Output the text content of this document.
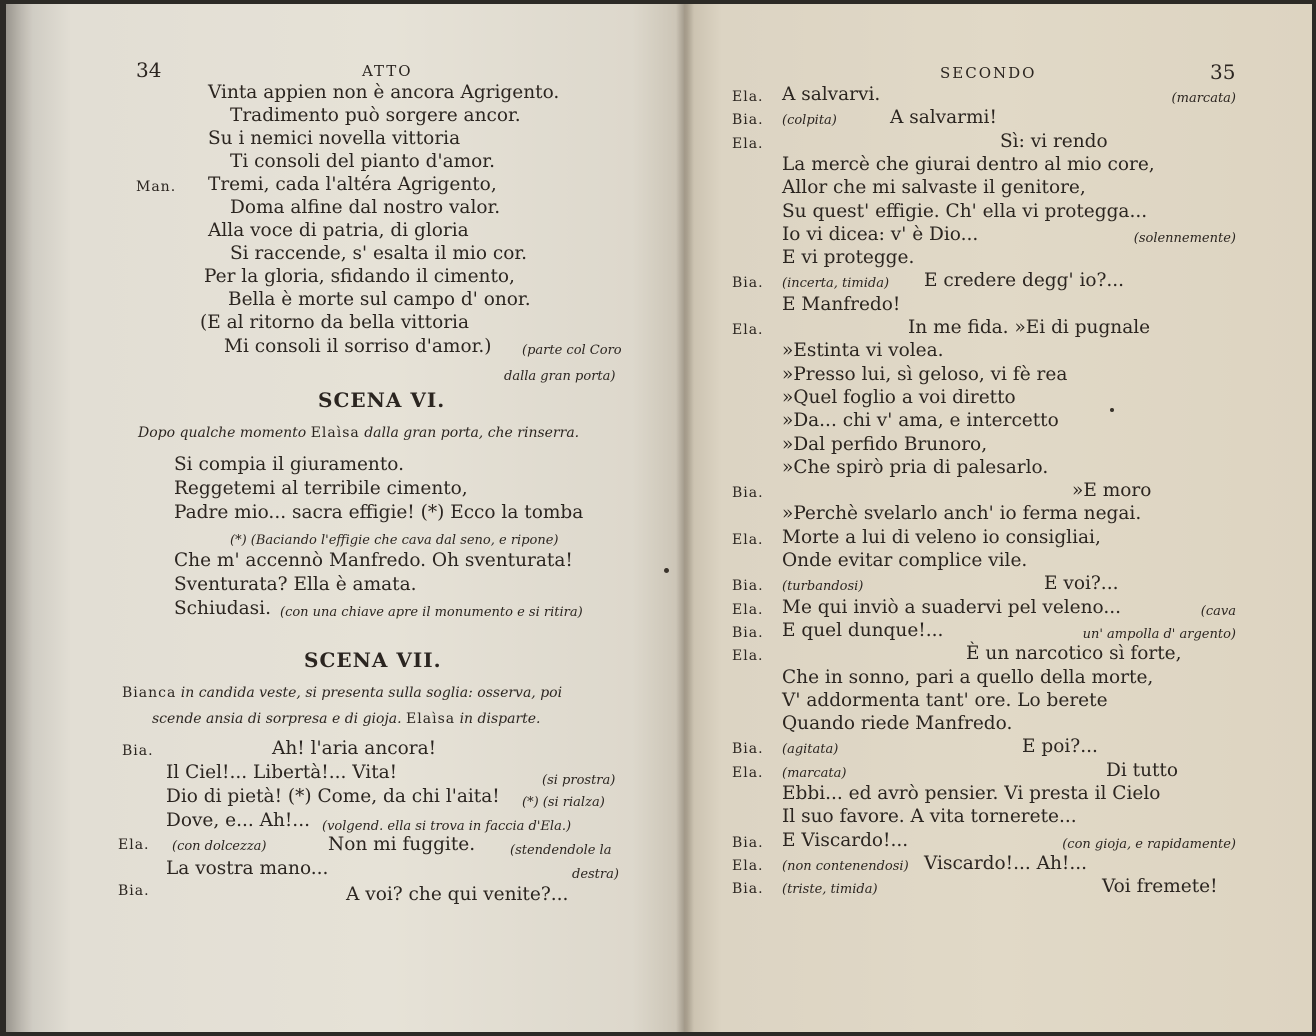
34	ATTO
Vinta appien non è ancora Agrigento.
Tradimento può sorgere ancor.
Su i nemici novella vittoria
Ti consoli del pianto d'amor.
Man. Tremi, cada l'altéra Agrigento,
Doma alfine dal nostro valor.
Alla voce di patria, di gloria
Si raccende, s' esalta il mio cor.
Per la gloria, sfidando il cimento,
Bella è morte sul campo d' onor.
(E al ritorno da bella vittoria
Mi consoli il sorriso d'amor.) (parte col Coro
dalla gran porta)
SCENA VI.
Dopo qualche momento Elaìsa dalla gran porta, che rinserra.
Si compia il giuramento.
Reggetemi al terribile cimento,
Padre mio... sacra effigie! (*) Ecco la tomba
(*) (Baciando l'effigie che cava dal seno, e ripone)
Che m' accennò Manfredo. Oh sventurata!
Sventurata? Ella è amata.
Schiudasi. (con una chiave apre il monumento e si ritira)
SCENA VII.
Bianca in candida veste, si presenta sulla soglia: osserva, poi
scende ansia di sorpresa e di gioja. Elaìsa in disparte.
Bia.	Ah! l'aria ancora!
Il Ciel!... Libertà!... Vita!	(si prostra)
Dio di pietà! (*) Come, da chi l'aita! (*) (si rialza)
Dove, e... Ah!... (volgend. ella si trova in faccia d'Ela.)
Ela. (con dolcezza)	Non mi fuggite.	(stendendole la
La vostra mano...	destra)
Bia.	A voi? che qui venite?...
SECONDO	35
Ela. A salvarvi.	(marcata)
Bia. (colpita)	A salvarmi!
Ela.	Sì: vi rendo
La mercè che giurai dentro al mio core,
Allor che mi salvaste il genitore,
Su quest' effigie. Ch' ella vi protegga...
Io vi dicea: v' è Dio...	(solennemente)
E vi protegge.
Bia. (incerta, timida) E credere degg' io?...
E Manfredo!
Ela.	In me fida. »Ei di pugnale
»Estinta vi volea.
»Presso lui, sì geloso, vi fè rea
»Quel foglio a voi diretto
»Da... chi v' ama, e intercetto
»Dal perfido Brunoro,
»Che spirò pria di palesarlo.
Bia.	»E moro
»Perchè svelarlo anch' io ferma negai.
Ela. Morte a lui di veleno io consigliai,
Onde evitar complice vile.
Bia. (turbandosi)	E voi?...
Ela. Me qui inviò a suadervi pel veleno...	(cava
Bia. E quel dunque!...	un' ampolla d' argento)
Ela.	È un narcotico sì forte,
Che in sonno, pari a quello della morte,
V' addormenta tant' ore. Lo berete
Quando riede Manfredo.
Bia. (agitata)	E poi?...
Ela. (marcata)	Di tutto
Ebbi... ed avrò pensier. Vi presta il Cielo
Il suo favore. A vita tornerete...
Bia. E Viscardo!...	(con gioja, e rapidamente)
Ela. (non contenendosi) Viscardo!... Ah!...
Bia. (triste, timida)	Voi fremete!
